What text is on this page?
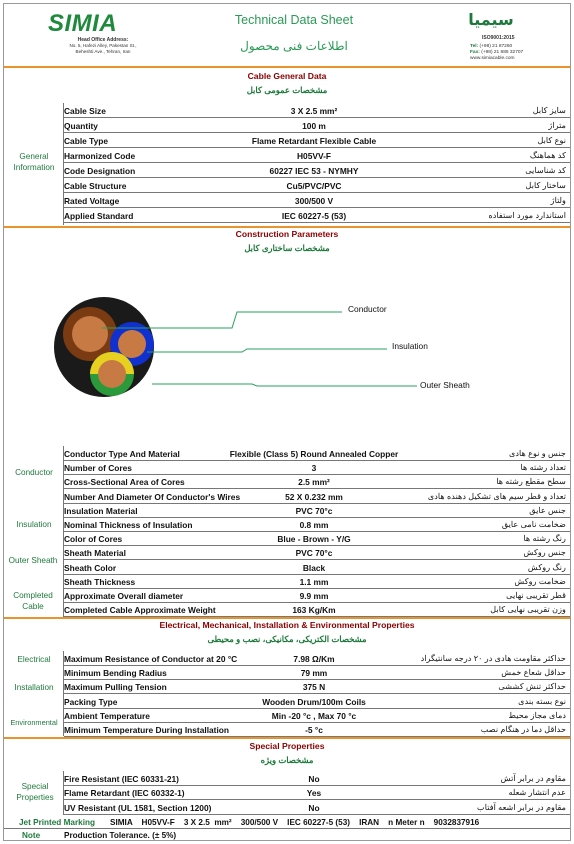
SIMIA
Head Office Address:
No. 5, Hafezi Alley, Pakestan St.,
Beheshti Ave., Tehran, Iran
Technical Data Sheet
اطلاعات فنی محصول
سیمیا
ISO9001:2015
Tel: (+98) 21 87260
Fax: (+98) 21 885 32707
www.simiacable.com
Cable General Data
مشخصات عمومی کابل
General Information
Cable Size	3 X 2.5 mm²	سایز کابل
Quantity	100 m	متراژ
Cable Type	Flame Retardant Flexible Cable	نوع کابل
Harmonized Code	H05VV-F	کد هماهنگ
Code Designation	60227 IEC 53 - NYMHY	کد شناسایی
Cable Structure	Cu5/PVC/PVC	ساختار کابل
Rated Voltage	300/500 V	ولتاژ
Applied Standard	IEC 60227-5 (53)	استاندارد مورد استفاده
Construction Parameters
مشخصات ساختاری کابل
Conductor
Insulation
Outer Sheath
Conductor
Insulation
Outer Sheath
Completed Cable
Conductor Type And Material	Flexible (Class 5) Round Annealed Copper	جنس و نوع هادی
Number of Cores	3	تعداد رشته ها
Cross-Sectional Area of Cores	2.5 mm²	سطح مقطع رشته ها
Number And Diameter Of Conductor's Wires	52 X 0.232 mm	تعداد و قطر سیم های تشکیل دهنده هادی
Insulation Material	PVC 70°c	جنس عایق
Nominal Thickness of Insulation	0.8 mm	ضخامت نامی عایق
Color of Cores	Blue - Brown - Y/G	رنگ رشته ها
Sheath Material	PVC 70°c	جنس روکش
Sheath Color	Black	رنگ روکش
Sheath Thickness	1.1 mm	ضخامت روکش
Approximate Overall diameter	9.9 mm	قطر تقریبی نهایی
Completed Cable Approximate Weight	163 Kg/Km	وزن تقریبی نهایی کابل
Electrical, Mechanical, Installation & Environmental Properties
مشخصات الکتریکی، مکانیکی، نصب و محیطی
Electrical
Installation
Environmental
Maximum Resistance of Conductor at 20 °C	7.98 Ω/Km	حداکثر مقاومت هادی در ۲۰ درجه سانتیگراد
Minimum Bending Radius	79 mm	حداقل شعاع خمش
Maximum Pulling Tension	375 N	حداکثر تنش کششی
Packing Type	Wooden Drum/100m Coils	نوع بسته بندی
Ambient Temperature	Min -20 °c , Max 70 °c	دمای مجاز محیط
Minimum Temperature During Installation	-5 °c	حداقل دما در هنگام نصب
Special Properties
مشخصات ویژه
Special Properties
Fire Resistant (IEC 60331-21)	No	مقاوم در برابر آتش
Flame Retardant (IEC 60332-1)	Yes	عدم انتشار شعله
UV Resistant (UL 1581, Section 1200)	No	مقاوم در برابر اشعه آفتاب
Jet Printed Marking SIMIA    H05VV-F    3 X 2.5  mm²    300/500 V    IEC 60227-5 (53)    IRAN    n Meter n    9032837916
Note	Production Tolerance. (± 5%)
